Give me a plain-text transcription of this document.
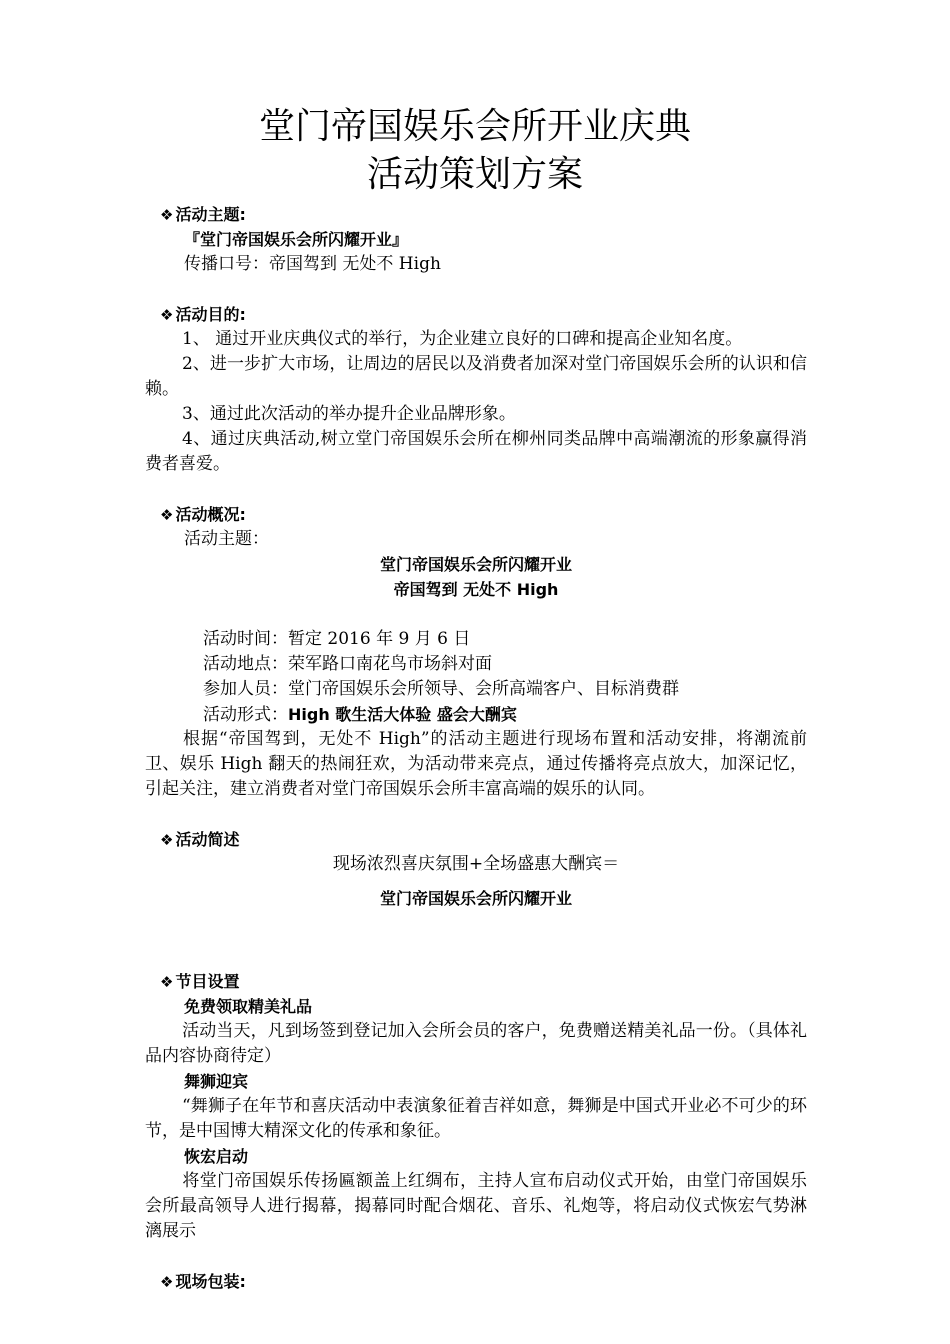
堂门帝国娱乐会所开业庆典
活动策划方案
❖ 活动主题:
『堂门帝国娱乐会所闪耀开业』
传播口号：帝国驾到 无处不 High
❖ 活动目的:
1、 通过开业庆典仪式的举行，为企业建立良好的口碑和提高企业知名度。
2、进一步扩大市场，让周边的居民以及消费者加深对堂门帝国娱乐会所的认识和信赖。
3、通过此次活动的举办提升企业品牌形象。
4、通过庆典活动,树立堂门帝国娱乐会所在柳州同类品牌中高端潮流的形象赢得消费者喜爱。
❖ 活动概况:
活动主题：
堂门帝国娱乐会所闪耀开业
帝国驾到 无处不 High
活动时间：暂定 2016 年 9 月 6 日
活动地点：荣军路口南花鸟市场斜对面
参加人员：堂门帝国娱乐会所领导、会所高端客户、目标消费群
活动形式：High 歌生活大体验 盛会大酬宾
根据“帝国驾到，无处不 High”的活动主题进行现场布置和活动安排，将潮流前卫、娱乐 High 翻天的热闹狂欢，为活动带来亮点，通过传播将亮点放大，加深记忆，引起关注，建立消费者对堂门帝国娱乐会所丰富高端的娱乐的认同。
❖ 活动简述
现场浓烈喜庆氛围+全场盛惠大酬宾＝
堂门帝国娱乐会所闪耀开业
❖ 节目设置
免费领取精美礼品
活动当天，凡到场签到登记加入会所会员的客户，免费赠送精美礼品一份。（具体礼品内容协商待定）
舞狮迎宾
“舞狮子在年节和喜庆活动中表演象征着吉祥如意，舞狮是中国式开业必不可少的环节，是中国博大精深文化的传承和象征。
恢宏启动
将堂门帝国娱乐传扬匾额盖上红绸布，主持人宣布启动仪式开始，由堂门帝国娱乐会所最高领导人进行揭幕，揭幕同时配合烟花、音乐、礼炮等，将启动仪式恢宏气势淋漓展示
❖ 现场包装:
